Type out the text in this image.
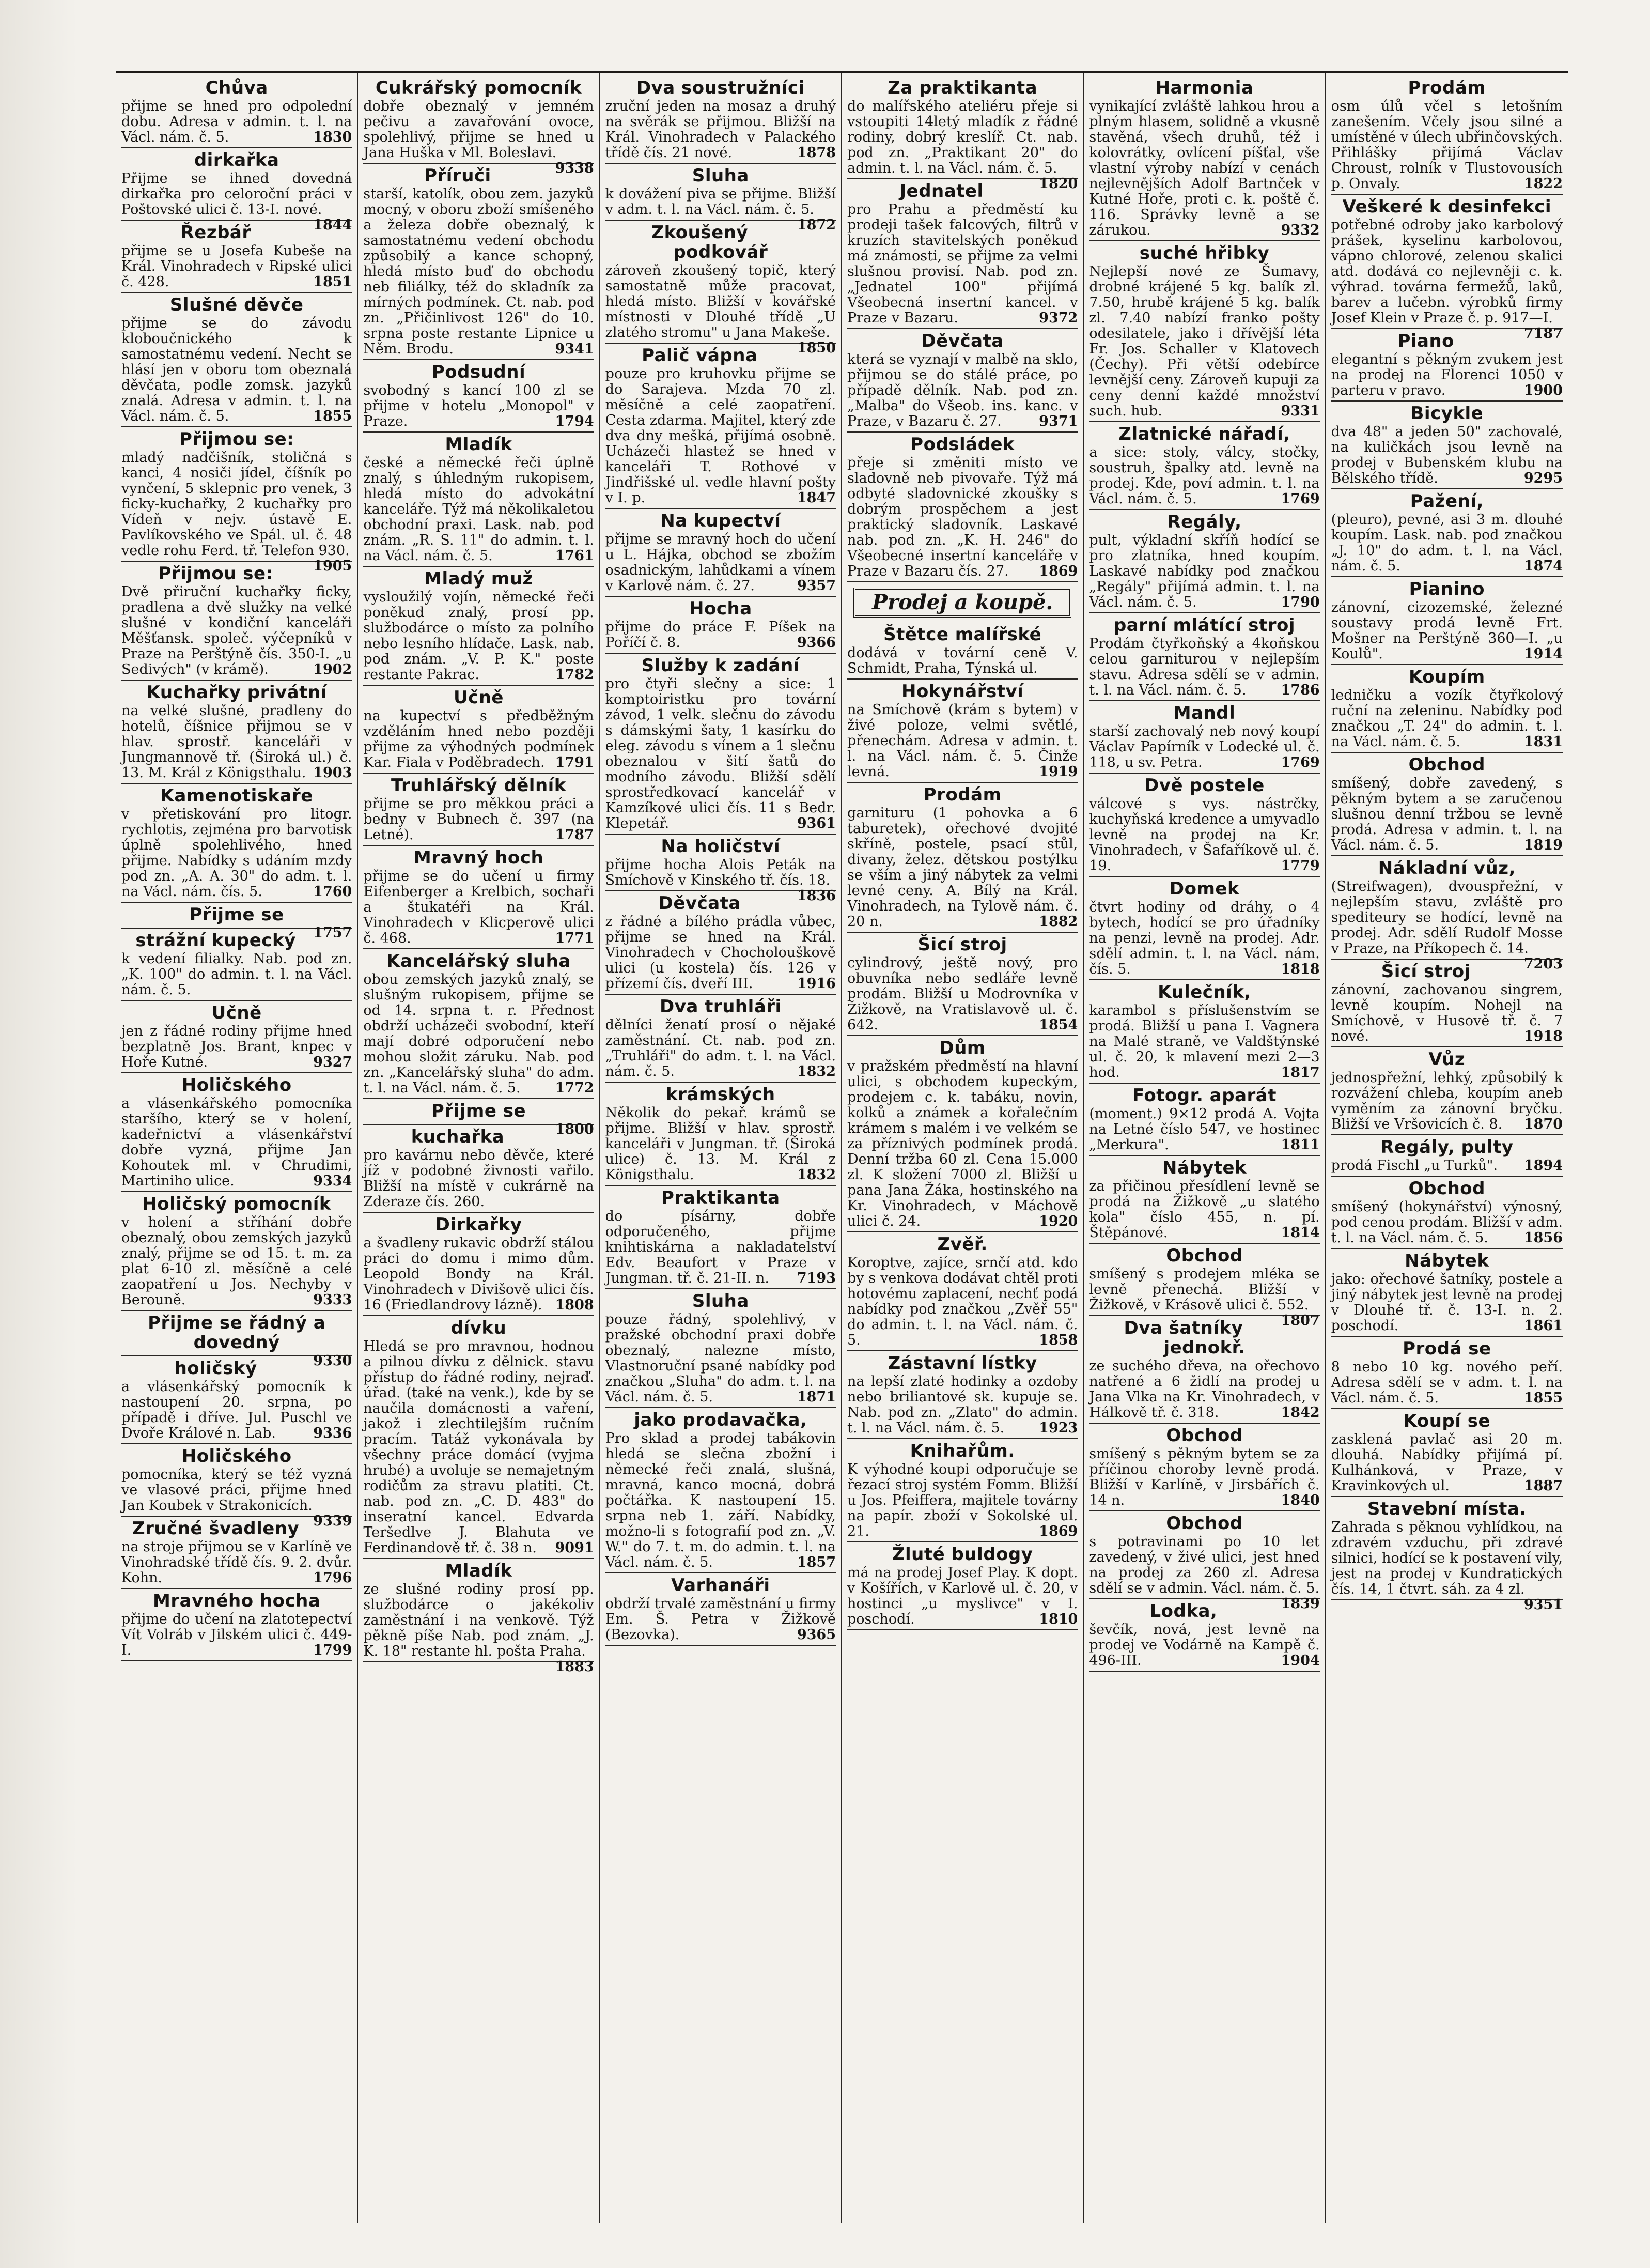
Chůva

přijme se hned pro odpolední dobu. Adresa v admin. t. l. na Václ. nám. č. 5.	1830

dirkařka

Přijme se ihned dovedná dirkařka pro celoroční práci v Poštovské ulici č. 13-I. nové.
1844

Řezbář

přijme se u Josefa Kubeše na Král. Vinohradech v Ripské ulici č. 428.	1851

Slušné děvče

přijme se do závodu kloboučnického k samostatnému vedení. Necht se hlásí jen v oboru tom obeznalá děvčata, podle zomsk. jazyků znalá. Adresa v admin. t. l. na Václ. nám. č. 5.	1855

Přijmou se:

mladý nadčišník, stoličná s kanci, 4 nosiči jídel, číšník po vynčení, 5 sklepnic pro venek, 3 ficky-kuchařky, 2 kuchařky pro Vídeň v nejv. ústavě E. Pavlíkovského ve Spál. ul. č. 48 vedle rohu Ferd. tř. Telefon 930.
1905

Přijmou se:

Dvě přiruční kuchařky ficky, pradlena a dvě služky na velké slušné v kondiční kanceláři Měšťansk. společ. výčepníků v Praze na Perštýně čís. 350-I. „u Sedivých" (v krámě).	1902

Kuchařky privátní

na velké slušné, pradleny do hotelů, číšnice přijmou se v hlav. sprostř. kanceláři v Jungmannově tř. (Široká ul.) č. 13. M. Král z Königsthalu. 1903

Kamenotiskaře

v přetiskování pro litogr. rychlotis, zejména pro barvotisk úplně spolehlivého, hned přijme. Nabídky s udáním mzdy pod zn. „A. A. 30" do adm. t. l. na Václ. nám. čís. 5.	1760

Přijme se

1757

strážní kupecký

k vedení filialky. Nab. pod zn. „K. 100" do admin. t. l. na Václ. nám. č. 5.

Učně

jen z řádné rodiny přijme hned bezplatně Jos. Brant, knpec v Hoře Kutné.	9327

Holičského

a vlásenkářského pomocníka staršího, který se v holení, kadeřnictví a vlásenkářství dobře vyzná, přijme Jan Kohoutek ml. v Chrudimi, Martiniho ulice.	9334

Holičský pomocník

v holení a stříhání dobře obeznalý, obou zemských jazyků znalý, přijme se od 15. t. m. za plat 6-10 zl. měsíčně a celé zaopatření u Jos. Nechyby v Berouně.	9333

Přijme se řádný a dovedný

9330

holičský

a vlásenkářský pomocník k nastoupení 20. srpna, po případě i dříve. Jul. Puschl ve Dvoře Králové n. Lab.	9336

Holičského

pomocníka, který se též vyzná ve vlasové práci, přijme hned Jan Koubek v Strakonicích.
9339

Zručné švadleny

na stroje přijmou se v Karlíně ve Vinohradské třídě čís. 9. 2. dvůr. Kohn.	1796

Mravného hocha

přijme do učení na zlatotepectví Vít Volráb v Jilském ulici č. 449-I.	1799

Cukrářský pomocník

dobře obeznalý v jemném pečivu a zavařování ovoce, spolehlivý, přijme se hned u Jana Huška v Ml. Boleslavi.
9338

Příruči

starší, katolík, obou zem. jazyků mocný, v oboru zboží smíšeného a železa dobře obeznalý, k samostatnému vedení obchodu způsobilý a kance schopný, hledá místo buď do obchodu neb filiálky, též do skladník za mírných podmínek. Ct. nab. pod zn. „Přičinlivost 126" do 10. srpna poste restante Lipnice u Něm. Brodu.	9341

Podsudní

svobodný s kancí 100 zl se přijme v hotelu „Monopol" v Praze.	1794

Mladík

české a německé řeči úplně znalý, s úhledným rukopisem, hledá místo do advokátní kanceláře. Týž má několikaletou obchodní praxi. Lask. nab. pod znám. „R. S. 11" do admin. t. l. na Václ. nám. č. 5.	1761

Mladý muž

vysloužilý vojín, německé řeči poněkud znalý, prosí pp. službodárce o místo za polního nebo lesního hlídače. Lask. nab. pod znám. „V. P. K." poste restante Pakrac.	1782

Učně

na kupectví s předběžným vzděláním hned nebo později přijme za výhodných podmínek Kar. Fiala v Poděbradech. 1791

Truhlářský dělník

přijme se pro měkkou práci a bedny v Bubnech č. 397 (na Letné).	1787

Mravný hoch

přijme se do učení u firmy Eifenberger a Krelbich, sochaři a štukatéři na Král. Vinohradech v Klicperově ulici č. 468.	1771

Kancelářský sluha

obou zemských jazyků znalý, se slušným rukopisem, přijme se od 14. srpna t. r. Přednost obdrží ucházeči svobodní, kteří mají dobré odporučení nebo mohou složit záruku. Nab. pod zn. „Kancelářský sluha" do adm. t. l. na Václ. nám. č. 5. 1772

Přijme se

1800

kuchařka

pro kavárnu nebo děvče, které jíž v podobné živnosti vařilo. Bližší na místě v cukrárně na Zderaze čís. 260.

Dirkařky

a švadleny rukavic obdrží stálou práci do domu i mimo dům. Leopold Bondy na Král. Vinohradech v Divišově ulici čís. 16 (Friedlandrovy lázně). 1808

dívku

Hledá se pro mravnou, hodnou a pilnou dívku z dělnick. stavu přístup do řádné rodiny, nejraď. úřad. (také na venk.), kde by se naučila domácnosti a vaření, jakož i zlechtilejším ručním pracím. Tatáž vykonávala by všechny práce domácí (vyjma hrubé) a uvoluje se nemajetným rodičům za stravu platiti. Ct. nab. pod zn. „C. D. 483" do inseratní kancel. Edvarda Teršedlve J. Blahuta ve Ferdinandově tř. č. 38 n. 9091

Mladík

ze slušné rodiny prosí pp. službodárce o jakékoliv zaměstnání i na venkově. Týž pěkně píše Nab. pod znám. „J. K. 18" restante hl. pošta Praha.
1883

Dva soustružníci

zruční jeden na mosaz a druhý na svěrák se přijmou. Bližší na Král. Vinohradech v Palackého třídě čís. 21 nové.	1878

Sluha

k dovážení piva se přijme. Bližší v adm. t. l. na Václ. nám. č. 5.
1872

Zkoušený podkovář

zároveň zkoušený topič, který samostatně může pracovat, hledá místo. Bližší v kovářské místnosti v Dlouhé třídě „U zlatého stromu" u Jana Makeše.
1850

Palič vápna

pouze pro kruhovku přijme se do Sarajeva. Mzda 70 zl. měsíčně a celé zaopatření. Cesta zdarma. Majitel, který zde dva dny mešká, přijímá osobně. Ucházeči hlastež se hned v kanceláři T. Rothové v Jindřišské ul. vedle hlavní pošty v I. p.	1847

Na kupectví

přijme se mravný hoch do učení u L. Hájka, obchod se zbožím osadnickým, lahůdkami a vínem v Karlově nám. č. 27.	9357

Hocha

přijme do práce F. Píšek na Poříčí č. 8.	9366

Služby k zadání

pro čtyři slečny a sice: 1 komptoiristku pro tovární závod, 1 velk. slečnu do závodu s dámskými šaty, 1 kasírku do eleg. závodu s vínem a 1 slečnu obeznalou v šití šatů do modního závodu. Bližší sdělí sprostředkovací kancelář v Kamzíkové ulici čís. 11 s Bedr. Klepetář.	9361

Na holičství

přijme hocha Alois Peták na Smíchově v Kinského tř. čís. 18.
1836

Děvčata

z řádné a bílého prádla vůbec, přijme se hned na Král. Vinohradech v Chocholouškově ulici (u kostela) čís. 126 v přízemí čís. dveří III.	1916

Dva truhláři

dělníci ženatí prosí o nějaké zaměstnání. Ct. nab. pod zn. „Truhláři" do adm. t. l. na Václ. nám. č. 5.	1832

krámských

Několik do pekař. krámů se přijme. Bližší v hlav. sprostř. kanceláři v Jungman. tř. (Široká ulice) č. 13. M. Král z Königsthalu.	1832

Praktikanta

do písárny, dobře odporučeného, přijme knihtiskárna a nakladatelství Edv. Beaufort v Praze v Jungman. tř. č. 21-II. n. 7193

Sluha

pouze řádný, spolehlivý, v pražské obchodní praxi dobře obeznalý, nalezne místo, Vlastnoruční psané nabídky pod značkou „Sluha" do adm. t. l. na Václ. nám. č. 5.	1871

jako prodavačka,

Pro sklad a prodej tabákovin hledá se slečna zbožní i německé řeči znalá, slušná, mravná, kanco mocná, dobrá počtářka. K nastoupení 15. srpna neb 1. září. Nabídky, možno-li s fotografií pod zn. „V. W." do 7. t. m. do admin. t. l. na Václ. nám. č. 5.	1857

Varhanáři

obdrží trvalé zaměstnání u firmy Em. Š. Petra v Žižkově (Bezovka).	9365

Za praktikanta

do malířského ateliéru přeje si vstoupiti 14letý mladík z řádné rodiny, dobrý kreslíř. Ct. nab. pod zn. „Praktikant 20" do admin. t. l. na Václ. nám. č. 5.
1820

Jednatel

pro Prahu a předměstí ku prodeji tašek falcových, filtrů v kruzích stavitelských poněkud má známosti, se přijme za velmi slušnou provisí. Nab. pod zn. „Jednatel 100" přijímá Všeobecná insertní kancel. v Praze v Bazaru.	9372

Děvčata

která se vyznají v malbě na sklo, přijmou se do stálé práce, po případě dělník. Nab. pod zn. „Malba" do Všeob. ins. kanc. v Praze, v Bazaru č. 27.	9371

Podsládek

přeje si změniti místo ve sladovně neb pivovaře. Týž má odbyté sladovnické zkoušky s dobrým prospěchem a jest praktický sladovník. Laskavé nab. pod zn. „K. H. 246" do Všeobecné insertní kanceláře v Praze v Bazaru čís. 27. 1869

Prodej a koupě.
Štětce malířské

dodává v tovární ceně V. Schmidt, Praha, Týnská ul.

Hokynářství

na Smíchově (krám s bytem) v živé poloze, velmi světlé, přenechám. Adresa v admin. t. l. na Václ. nám. č. 5. Činže levná.	1919

Prodám

garnituru (1 pohovka a 6 taburetek), ořechové dvojité skříně, postele, psací stůl, divany, želez. dětskou postýlku se vším a jiný nábytek za velmi levné ceny. A. Bílý na Král. Vinohradech, na Tylově nám. č. 20 n.	1882

Šicí stroj

cylindrový, ještě nový, pro obuvníka nebo sedláře levně prodám. Bližší u Modrovníka v Žižkově, na Vratislavově ul. č. 642.	1854

Dům

v pražském předměstí na hlavní ulici, s obchodem kupeckým, prodejem c. k. tabáku, novin, kolků a známek a kořalečním krámem s malém i ve velkém se za příznivých podmínek prodá. Denní tržba 60 zl. Cena 15.000 zl. K složení 7000 zl. Bližší u pana Jana Žáka, hostinského na Kr. Vinohradech, v Máchově ulici č. 24.	1920

Zvěř.

Koroptve, zajíce, srnčí atd. kdo by s venkova dodávat chtěl proti hotovému zaplacení, nechť podá nabídky pod značkou „Zvěř 55" do admin. t. l. na Václ. nám. č. 5.	1858

Zástavní lístky

na lepší zlaté hodinky a ozdoby nebo briliantové sk. kupuje se. Nab. pod zn. „Zlato" do admin. t. l. na Václ. nám. č. 5. 1923

Knihařům.

K výhodné koupi odporučuje se řezací stroj systém Fomm. Bližší u Jos. Pfeiffera, majitele továrny na papír. zboží v Sokolské ul. 21.	1869

Žluté buldogy

má na prodej Josef Play. K dopt. v Košířích, v Karlově ul. č. 20, v hostinci „u myslivce" v I. poschodí.	1810

Harmonia

vynikající zvláště lahkou hrou a plným hlasem, solidně a vkusně stavěná, všech druhů, též i kolovrátky, ovlícení píšťal, vše vlastní výroby nabízí v cenách nejlevnějších Adolf Bartnček v Kutné Hoře, proti c. k. poště č. 116. Správky levně a se zárukou.	9332

suché hřibky

Nejlepší nové ze Šumavy, drobné krájené 5 kg. balík zl. 7.50, hrubě krájené 5 kg. balík zl. 7.40 nabízí franko pošty odesilatele, jako i dřívější léta Fr. Jos. Schaller v Klatovech (Čechy). Při větší odebírce levnější ceny. Zároveň kupuji za ceny denní každé množství such. hub.	9331

Zlatnické nářadí,

a sice: stoly, válcy, stočky, soustruh, špalky atd. levně na prodej. Kde, poví admin. t. l. na Václ. nám. č. 5.	1769

Regály,

pult, výkladní skříň hodící se pro zlatníka, hned koupím. Laskavé nabídky pod značkou „Regály" přijímá admin. t. l. na Václ. nám. č. 5.	1790

parní mlátící stroj

Prodám čtyřkoňský a 4koňskou celou garniturou v nejlepším stavu. Adresa sdělí se v admin. t. l. na Václ. nám. č. 5. 1786

Mandl

starší zachovalý neb nový koupí Václav Papírník v Lodecké ul. č. 118, u sv. Petra.	1769

Dvě postele

válcové s vys. nástrčky, kuchyňská kredence a umyvadlo levně na prodej na Kr. Vinohradech, v Šafaříkově ul. č. 19.	1779

Domek

čtvrt hodiny od dráhy, o 4 bytech, hodící se pro úřadníky na penzi, levně na prodej. Adr. sdělí admin. t. l. na Václ. nám. čís. 5.	1818

Kulečník,

karambol s příslušenstvím se prodá. Bližší u pana I. Vagnera na Malé straně, ve Valdštýnské ul. č. 20, k mlavení mezi 2—3 hod.	1817

Fotogr. aparát

(moment.) 9×12 prodá A. Vojta na Letné číslo 547, ve hostinec „Merkura".	1811

Nábytek

za přičinou přesídlení levně se prodá na Žižkově „u slatého kola" číslo 455, n. pí. Štěpánové.	1814

Obchod

smíšený s prodejem mléka se levně přenechá. Bližší v Žižkově, v Krásově ulici č. 552.
1807

Dva šatníky jednokř.

ze suchého dřeva, na ořechovo natřené a 6 židlí na prodej u Jana Vlka na Kr. Vinohradech, v Hálkově tř. č. 318.	1842

Obchod

smíšený s pěkným bytem se za příčinou choroby levně prodá. Bližší v Karlíně, v Jirsbářích č. 14 n.	1840

Obchod

s potravinami po 10 let zavedený, v živé ulici, jest hned na prodej za 260 zl. Adresa sdělí se v admin. Václ. nám. č. 5.
1839

Lodka,

ševčík, nová, jest levně na prodej ve Vodárně na Kampě č. 496-III.	1904

Prodám

osm úlů včel s letošním zanešením. Včely jsou silné a umístěné v úlech ubřinčovských. Přihlášky přijímá Václav Chroust, rolník v Tlustovousích p. Onvaly.	1822

Veškeré k desinfekci

potřebné odroby jako karbolový prášek, kyselinu karbolovou, vápno chlorové, zelenou skalici atd. dodává co nejlevněji c. k. výhrad. továrna fermežů, laků, barev a lučebn. výrobků firmy Josef Klein v Praze č. p. 917—I.
7187

Piano

elegantní s pěkným zvukem jest na prodej na Florenci 1050 v parteru v pravo.	1900

Bicykle

dva 48" a jeden 50" zachovalé, na kuličkách jsou levně na prodej v Bubenském klubu na Bělského třídě.	9295

Pažení,

(pleuro), pevné, asi 3 m. dlouhé koupím. Lask. nab. pod značkou „J. 10" do adm. t. l. na Václ. nám. č. 5.	1874

Pianino

zánovní, cizozemské, železné soustavy prodá levně Frt. Mošner na Perštýně 360—I. „u Koulů".	1914

Koupím

ledničku a vozík čtyřkolový ruční na zeleninu. Nabídky pod značkou „T. 24" do admin. t. l. na Václ. nám. č. 5.	1831

Obchod

smíšený, dobře zavedený, s pěkným bytem a se zaručenou slušnou denní tržbou se levně prodá. Adresa v admin. t. l. na Václ. nám. č. 5.	1819

Nákladní vůz,

(Streifwagen), dvouspřežní, v nejlepším stavu, zvláště pro spediteury se hodící, levně na prodej. Adr. sdělí Rudolf Mosse v Praze, na Příkopech č. 14.
7203

Šicí stroj

zánovní, zachovanou singrem, levně koupím. Nohejl na Smíchově, v Husově tř. č. 7 nové.	1918

Vůz

jednospřežní, lehký, způsobilý k rozvážení chleba, koupím aneb vyměním za zánovní bryčku. Bližší ve Vršovicích č. 8. 1870

Regály, pulty

prodá Fischl „u Turků". 1894

Obchod

smíšený (hokynářství) výnosný, pod cenou prodám. Bližší v adm. t. l. na Václ. nám. č. 5.	1856

Nábytek

jako: ořechové šatníky, postele a jiný nábytek jest levně na prodej v Dlouhé tř. č. 13-I. n. 2. poschodí.	1861

Prodá se

8 nebo 10 kg. nového peří. Adresa sdělí se v adm. t. l. na Václ. nám. č. 5.	1855

Koupí se

zasklená pavlač asi 20 m. dlouhá. Nabídky přijímá pí. Kulhánková, v Praze, v Kravinkových ul.	1887

Stavební místa.

Zahrada s pěknou vyhlídkou, na zdravém vzduchu, při zdravé silnici, hodící se k postavení vily, jest na prodej v Kundratických čís. 14, 1 čtvrt. sáh. za 4 zl.
9351
